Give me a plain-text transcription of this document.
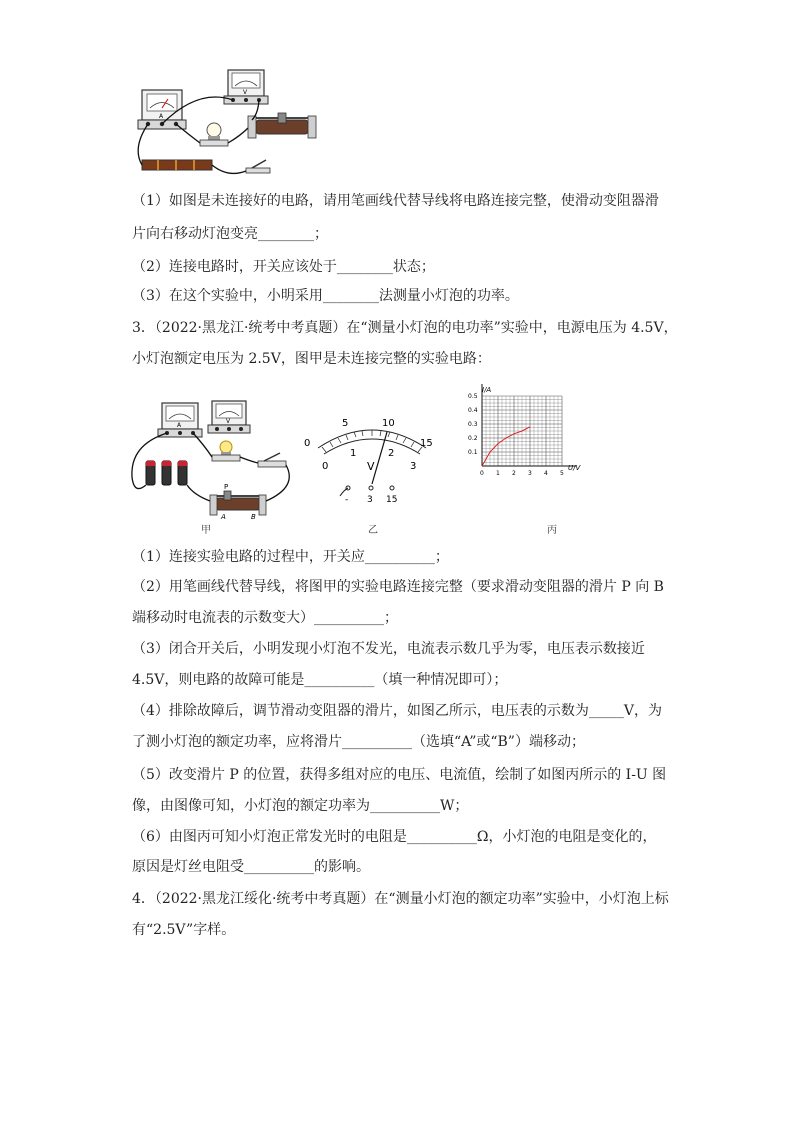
A
V
（1）如图是未连接好的电路，请用笔画线代替导线将电路连接完整，使滑动变阻器滑
片向右移动灯泡变亮________；
（2）连接电路时，开关应该处于________状态；
（3）在这个实验中，小明采用________法测量小灯泡的功率。
3．（2022·黑龙江·统考中考真题）在“测量小灯泡的电功率”实验中，电源电压为 4.5V，
小灯泡额定电压为 2.5V，图甲是未连接完整的实验电路：
A
V
P
A	B
甲
0
5	10
15
0
1	2
3
V
- 3 15
乙
0 1 2 3 4 5
0.1
0.2
0.3
0.4
0.5
I/A
U/V
丙
（1）连接实验电路的过程中，开关应__________；
（2）用笔画线代替导线，将图甲的实验电路连接完整（要求滑动变阻器的滑片 P 向 B
端移动时电流表的示数变大）__________；
（3）闭合开关后，小明发现小灯泡不发光，电流表示数几乎为零，电压表示数接近
4.5V，则电路的故障可能是__________（填一种情况即可）；
（4）排除故障后，调节滑动变阻器的滑片，如图乙所示，电压表的示数为_____V，为
了测小灯泡的额定功率，应将滑片__________（选填“A”或“B”）端移动；
（5）改变滑片 P 的位置，获得多组对应的电压、电流值，绘制了如图丙所示的 I-U 图
像，由图像可知，小灯泡的额定功率为__________W；
（6）由图丙可知小灯泡正常发光时的电阻是__________Ω，小灯泡的电阻是变化的，
原因是灯丝电阻受__________的影响。
4．（2022·黑龙江绥化·统考中考真题）在“测量小灯泡的额定功率”实验中，小灯泡上标
有“2.5V”字样。
